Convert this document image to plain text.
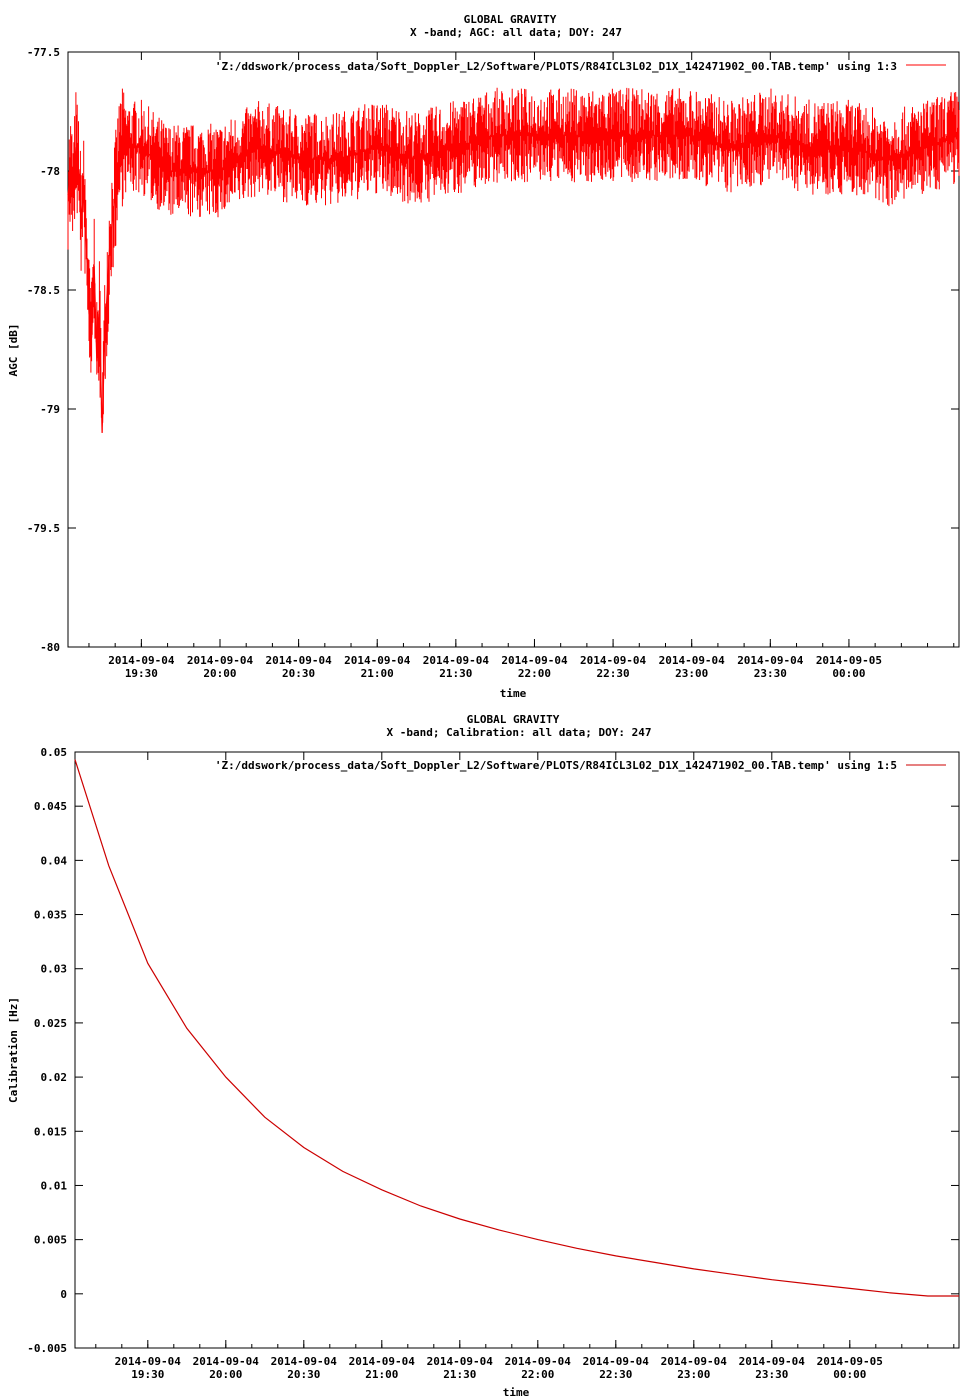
GLOBAL GRAVITY
X -band; AGC: all data; DOY: 247
-77.5
-78
-78.5
-79
-79.5
-80
2014-09-04
19:30
2014-09-04
20:00
2014-09-04
20:30
2014-09-04
21:00
2014-09-04
21:30
2014-09-04
22:00
2014-09-04
22:30
2014-09-04
23:00
2014-09-04
23:30
2014-09-05
00:00
'Z:/ddswork/process_data/Soft_Doppler_L2/Software/PLOTS/R84ICL3L02_D1X_142471902_00.TAB.temp' using 1:3
time
AGC [dB]
GLOBAL GRAVITY
X -band; Calibration: all data; DOY: 247
0.05
0.045
0.04
0.035
0.03
0.025
0.02
0.015
0.01
0.005
0
-0.005
2014-09-04
19:30
2014-09-04
20:00
2014-09-04
20:30
2014-09-04
21:00
2014-09-04
21:30
2014-09-04
22:00
2014-09-04
22:30
2014-09-04
23:00
2014-09-04
23:30
2014-09-05
00:00
'Z:/ddswork/process_data/Soft_Doppler_L2/Software/PLOTS/R84ICL3L02_D1X_142471902_00.TAB.temp' using 1:5
time
Calibration [Hz]
